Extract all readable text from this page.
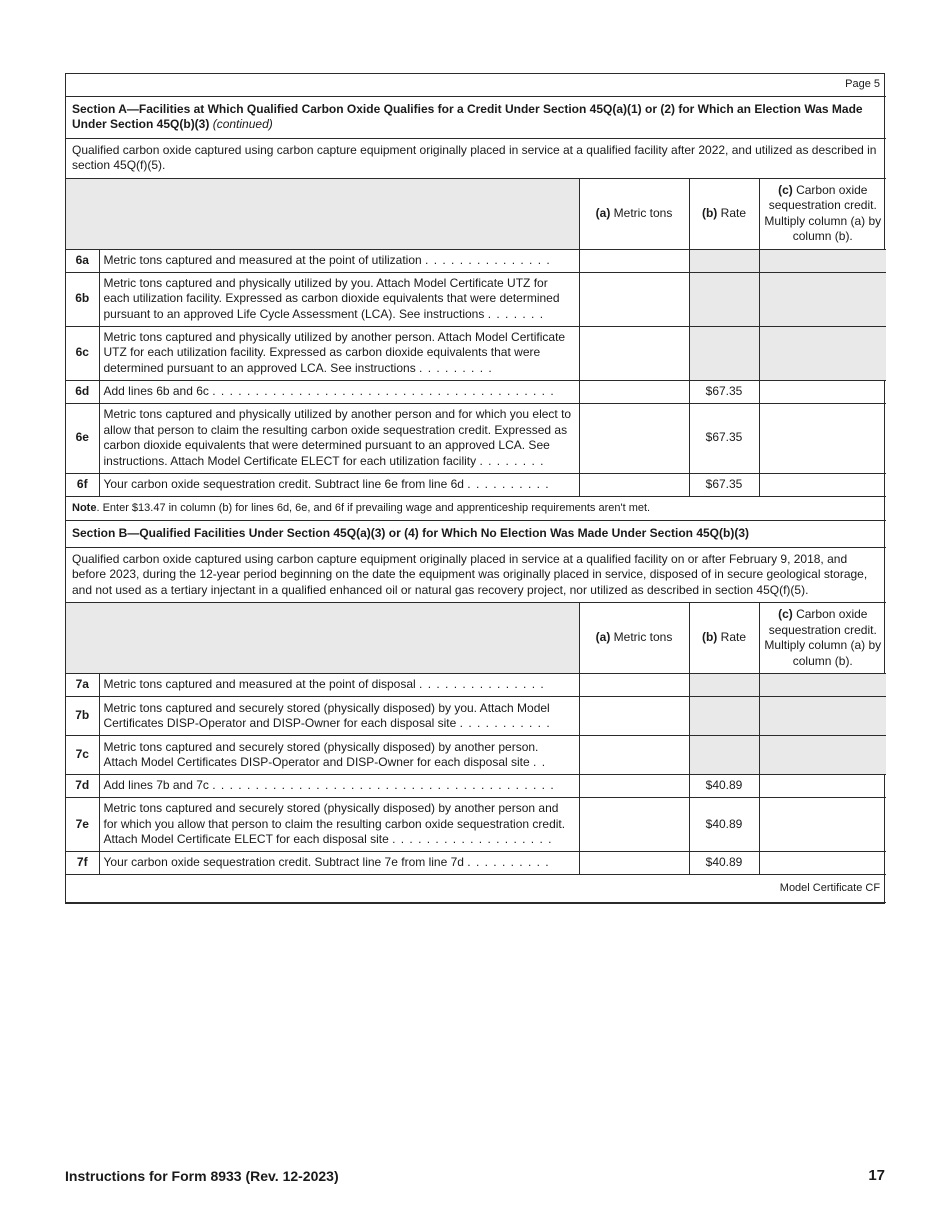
Page 5				
Section A—Facilities at Which Qualified Carbon Oxide Qualifies for a Credit Under Section 45Q(a)(1) or (2) for Which an Election Was Made Under Section 45Q(b)(3) (continued)				
Qualified carbon oxide captured using carbon capture equipment originally placed in service at a qualified facility after 2022, and utilized as described in section 45Q(f)(5).				
		(a) Metric tons	(b) Rate	(c) Carbon oxide sequestration credit. Multiply column (a) by column (b).
6a	Metric tons captured and measured at the point of utilization . . . . . . . . . . . . . . .			
6b	Metric tons captured and physically utilized by you. Attach Model Certificate UTZ for each utilization facility. Expressed as carbon dioxide equivalents that were determined pursuant to an approved Life Cycle Assessment (LCA). See instructions . . . . . . .			
6c	Metric tons captured and physically utilized by another person. Attach Model Certificate UTZ for each utilization facility. Expressed as carbon dioxide equivalents that were determined pursuant to an approved LCA. See instructions . . . . . . . . .			
6d	Add lines 6b and 6c . . . . . . . . . . . . . . . . . . . . . . . . . . . . . . . . . . . . . . . .		$67.35	
6e	Metric tons captured and physically utilized by another person and for which you elect to allow that person to claim the resulting carbon oxide sequestration credit. Expressed as carbon dioxide equivalents that were determined pursuant to an approved LCA. See instructions. Attach Model Certificate ELECT for each utilization facility . . . . . . . .		$67.35	
6f	Your carbon oxide sequestration credit. Subtract line 6e from line 6d . . . . . . . . . .		$67.35	
Note. Enter $13.47 in column (b) for lines 6d, 6e, and 6f if prevailing wage and apprenticeship requirements aren't met.				
Section B—Qualified Facilities Under Section 45Q(a)(3) or (4) for Which No Election Was Made Under Section 45Q(b)(3)				
Qualified carbon oxide captured using carbon capture equipment originally placed in service at a qualified facility on or after February 9, 2018, and before 2023, during the 12-year period beginning on the date the equipment was originally placed in service, disposed of in secure geological storage, and not used as a tertiary injectant in a qualified enhanced oil or natural gas recovery project, nor utilized as described in section 45Q(f)(5).				
		(a) Metric tons	(b) Rate	(c) Carbon oxide sequestration credit. Multiply column (a) by column (b).
7a	Metric tons captured and measured at the point of disposal . . . . . . . . . . . . . . .			
7b	Metric tons captured and securely stored (physically disposed) by you. Attach Model Certificates DISP-Operator and DISP-Owner for each disposal site . . . . . . . . . . .			
7c	Metric tons captured and securely stored (physically disposed) by another person. Attach Model Certificates DISP-Operator and DISP-Owner for each disposal site . .			
7d	Add lines 7b and 7c . . . . . . . . . . . . . . . . . . . . . . . . . . . . . . . . . . . . . . . .		$40.89	
7e	Metric tons captured and securely stored (physically disposed) by another person and for which you allow that person to claim the resulting carbon oxide sequestration credit. Attach Model Certificate ELECT for each disposal site . . . . . . . . . . . . . . . . . . .		$40.89	
7f	Your carbon oxide sequestration credit. Subtract line 7e from line 7d . . . . . . . . . .		$40.89	
Model Certificate CF				
Instructions for Form 8933 (Rev. 12-2023)	17
